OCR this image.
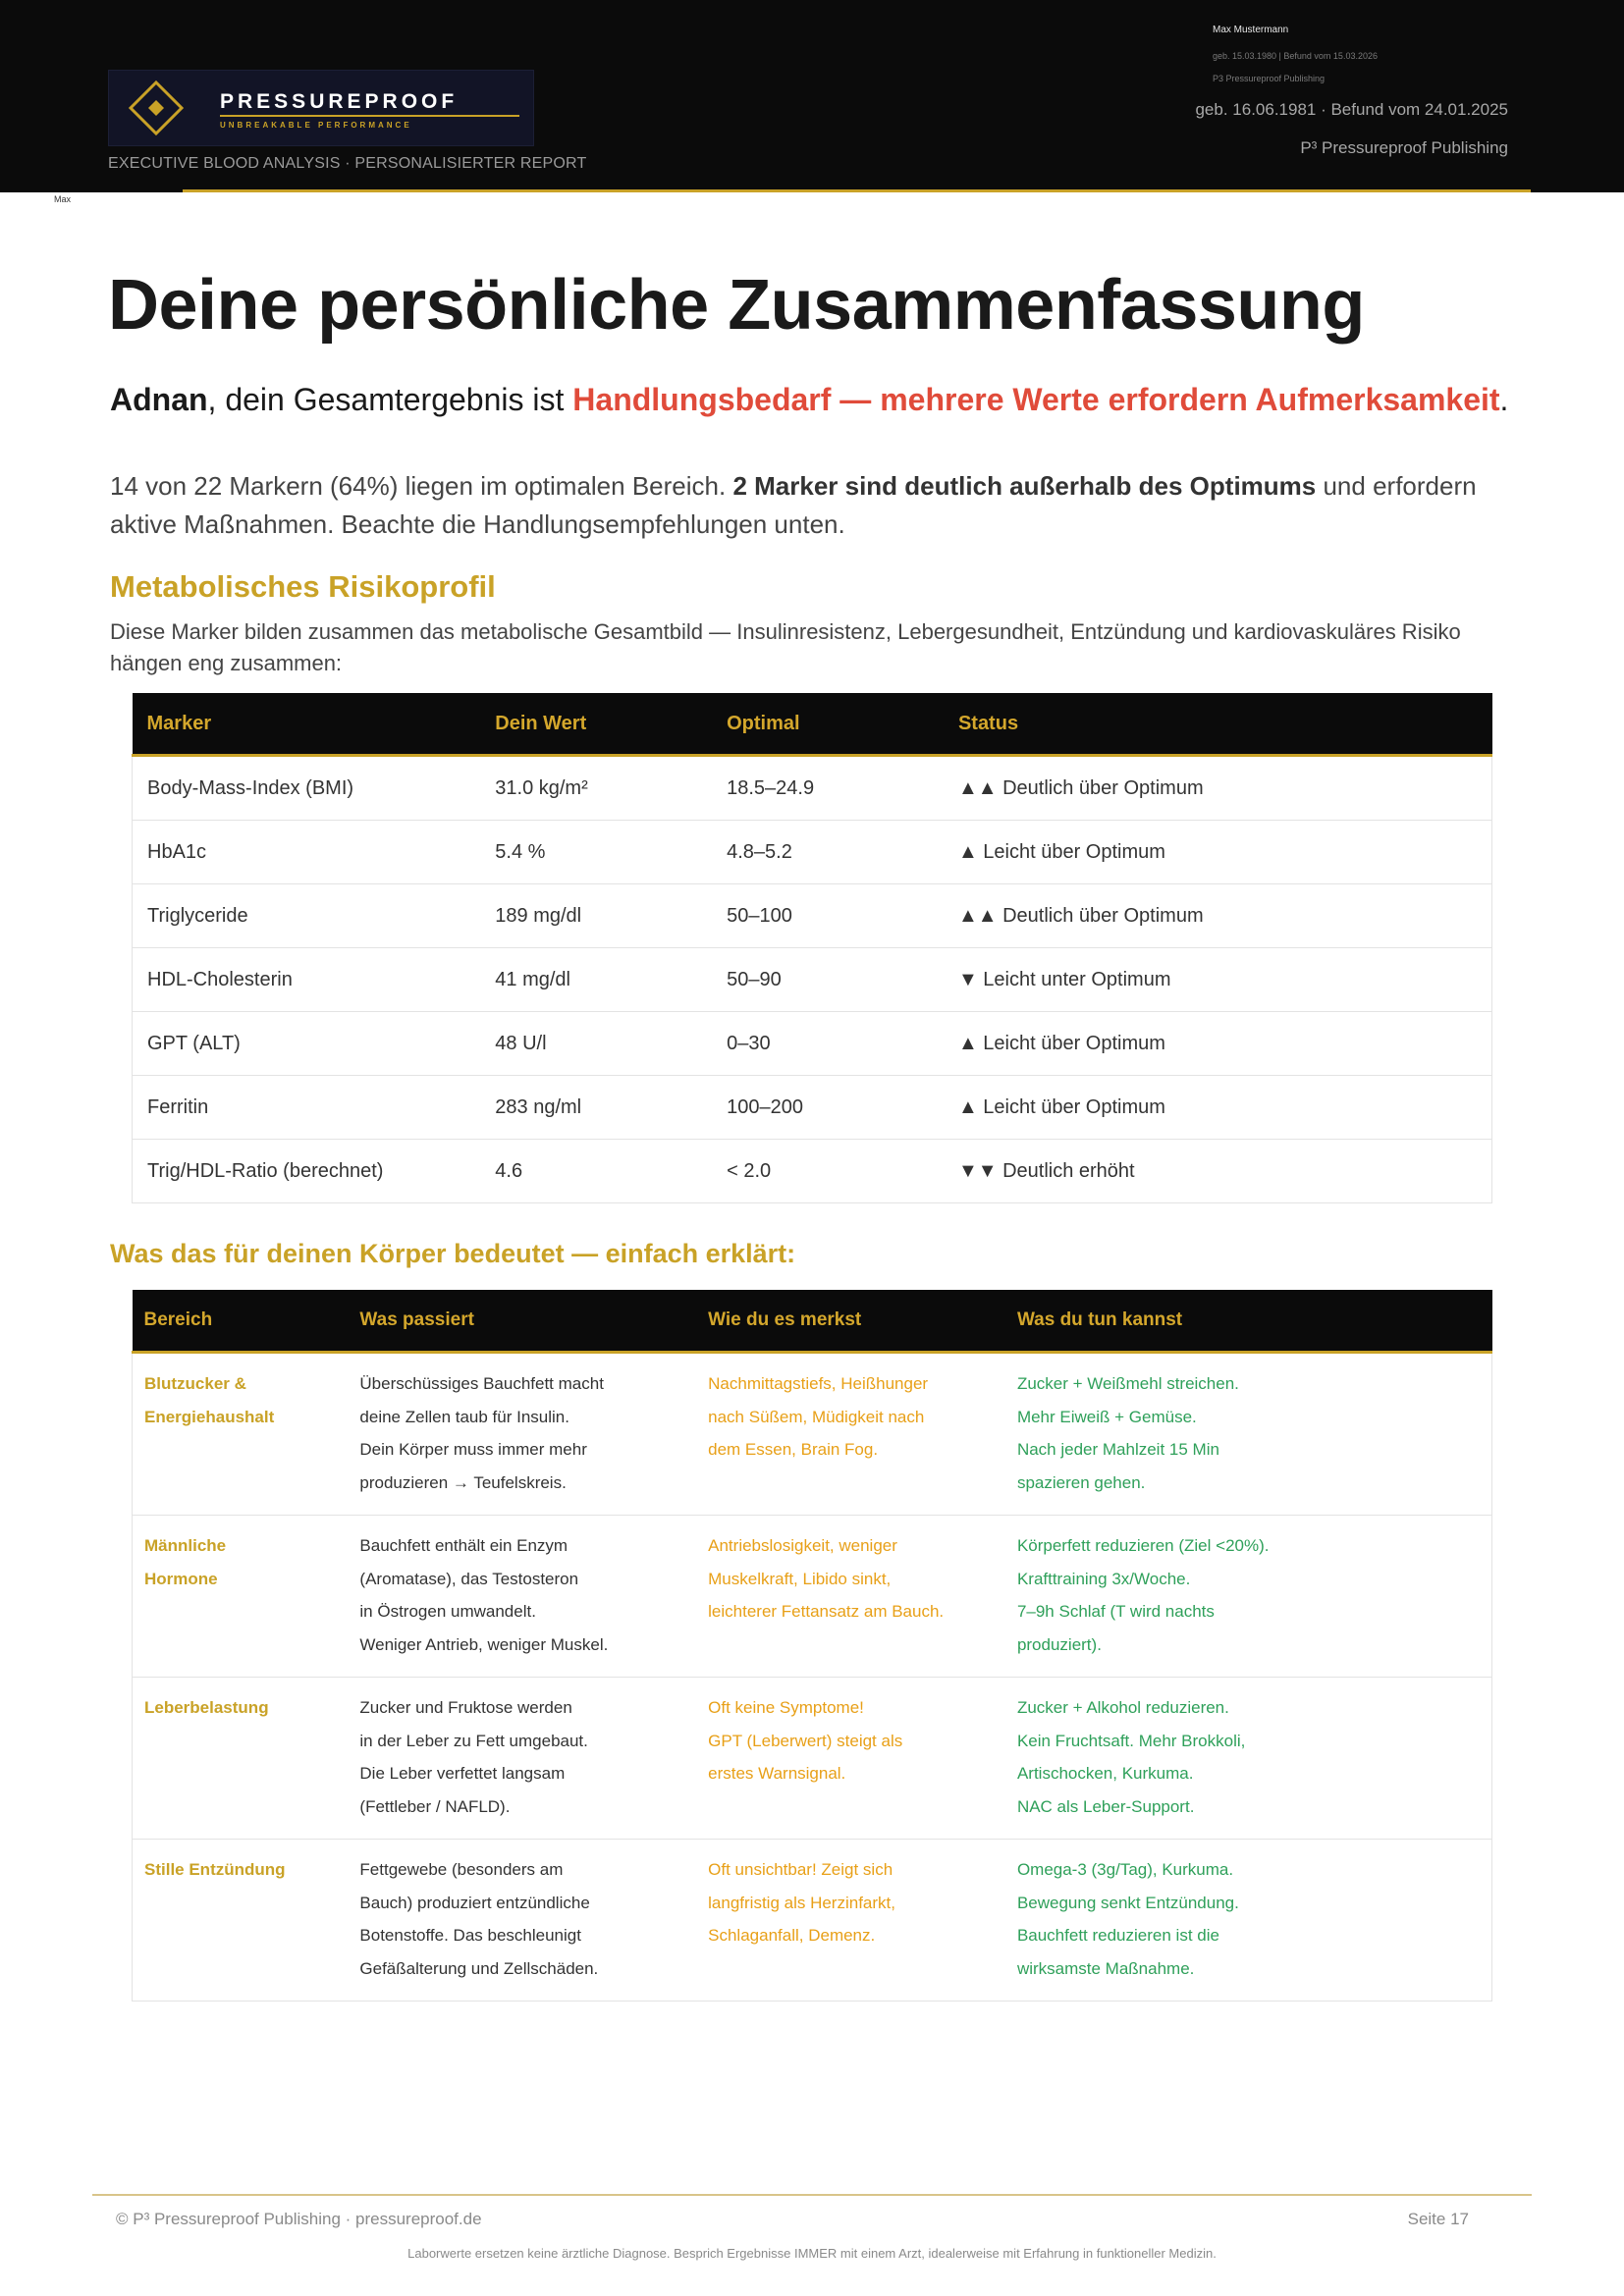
PRESSUREPROOF
UNBREAKABLE PERFORMANCE
EXECUTIVE BLOOD ANALYSIS · PERSONALISIERTER REPORT
Max Mustermann
geb. 15.03.1980 | Befund vom 15.03.2026
P3 Pressureproof Publishing
geb. 16.06.1981 · Befund vom 24.01.2025
P³ Pressureproof Publishing
Max
Deine persönliche Zusammenfassung
Adnan, dein Gesamtergebnis ist Handlungsbedarf — mehrere Werte erfordern Aufmerksamkeit.
14 von 22 Markern (64%) liegen im optimalen Bereich. 2 Marker sind deutlich außerhalb des Optimums und erfordern aktive Maßnahmen. Beachte die Handlungsempfehlungen unten.
Metabolisches Risikoprofil
Diese Marker bilden zusammen das metabolische Gesamtbild — Insulinresistenz, Lebergesundheit, Entzündung und kardiovaskuläres Risiko hängen eng zusammen:
Marker	Dein Wert	Optimal	Status
Body-Mass-Index (BMI)	31.0 kg/m²	18.5–24.9	▲▲ Deutlich über Optimum
HbA1c	5.4 %	4.8–5.2	▲ Leicht über Optimum
Triglyceride	189 mg/dl	50–100	▲▲ Deutlich über Optimum
HDL-Cholesterin	41 mg/dl	50–90	▼ Leicht unter Optimum
GPT (ALT)	48 U/l	0–30	▲ Leicht über Optimum
Ferritin	283 ng/ml	100–200	▲ Leicht über Optimum
Trig/HDL-Ratio (berechnet)	4.6	< 2.0	▼▼ Deutlich erhöht
Was das für deinen Körper bedeutet — einfach erklärt:
Bereich	Was passiert	Wie du es merkst	Was du tun kannst

Blutzucker &
Energiehaushalt	Überschüssiges Bauchfett macht
deine Zellen taub für Insulin.
Dein Körper muss immer mehr
produzieren → Teufelskreis.	Nachmittagstiefs, Heißhunger
nach Süßem, Müdigkeit nach
dem Essen, Brain Fog.	Zucker + Weißmehl streichen.
Mehr Eiweiß + Gemüse.
Nach jeder Mahlzeit 15 Min
spazieren gehen.

Männliche
Hormone	Bauchfett enthält ein Enzym
(Aromatase), das Testosteron
in Östrogen umwandelt.
Weniger Antrieb, weniger Muskel.	Antriebslosigkeit, weniger
Muskelkraft, Libido sinkt,
leichterer Fettansatz am Bauch.	Körperfett reduzieren (Ziel <20%).
Krafttraining 3x/Woche.
7–9h Schlaf (T wird nachts
produziert).

Leberbelastung	Zucker und Fruktose werden
in der Leber zu Fett umgebaut.
Die Leber verfettet langsam
(Fettleber / NAFLD).	Oft keine Symptome!
GPT (Leberwert) steigt als
erstes Warnsignal.	Zucker + Alkohol reduzieren.
Kein Fruchtsaft. Mehr Brokkoli,
Artischocken, Kurkuma.
NAC als Leber-Support.

Stille Entzündung	Fettgewebe (besonders am
Bauch) produziert entzündliche
Botenstoffe. Das beschleunigt
Gefäßalterung und Zellschäden.	Oft unsichtbar! Zeigt sich
langfristig als Herzinfarkt,
Schlaganfall, Demenz.	Omega-3 (3g/Tag), Kurkuma.
Bewegung senkt Entzündung.
Bauchfett reduzieren ist die
wirksamste Maßnahme.
© P³ Pressureproof Publishing · pressureproof.de	Seite 17
Laborwerte ersetzen keine ärztliche Diagnose. Besprich Ergebnisse IMMER mit einem Arzt, idealerweise mit Erfahrung in funktioneller Medizin.
